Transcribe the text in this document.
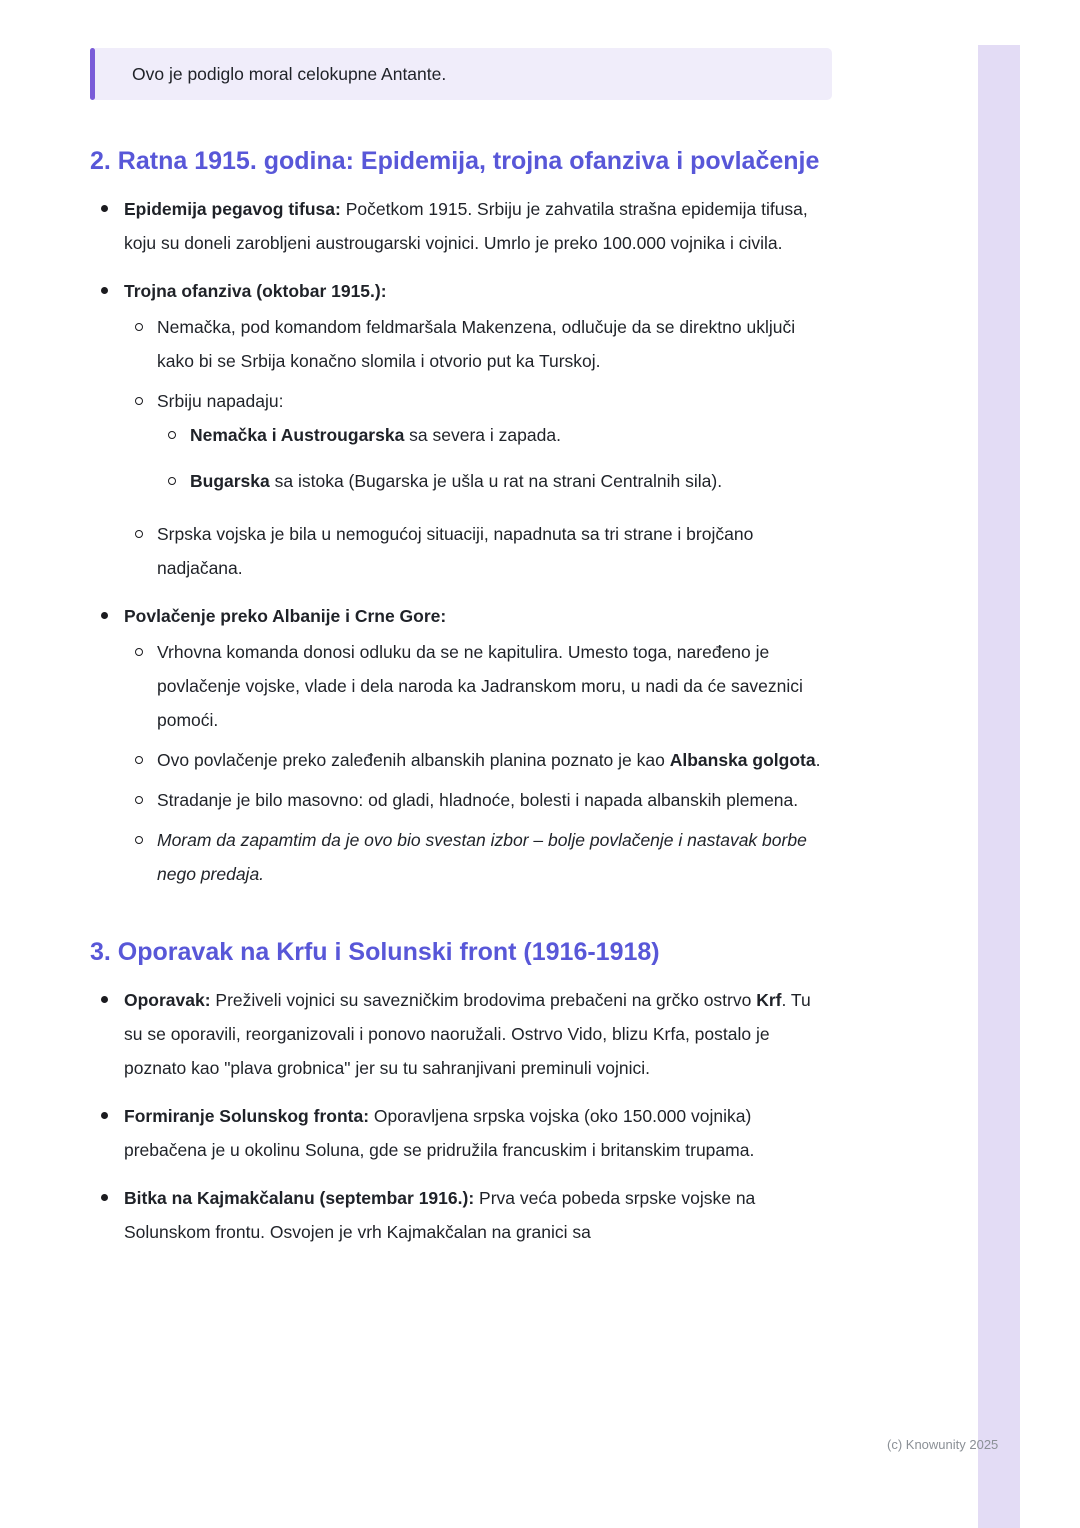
Ovo je podiglo moral celokupne Antante.

2. Ratna 1915. godina: Epidemija, trojna ofanziva i povlačenje

Epidemija pegavog tifusa: Početkom 1915. Srbiju je zahvatila strašna epidemija tifusa, koju su doneli zarobljeni austrougarski vojnici. Umrlo je preko 100.000 vojnika i civila.

Trojna ofanziva (oktobar 1915.):

Nemačka, pod komandom feldmaršala Makenzena, odlučuje da se direktno uključi kako bi se Srbija konačno slomila i otvorio put ka Turskoj.

Srbiju napadaju:

Nemačka i Austrougarska sa severa i zapada.

Bugarska sa istoka (Bugarska je ušla u rat na strani Centralnih sila).

Srpska vojska je bila u nemogućoj situaciji, napadnuta sa tri strane i brojčano nadjačana.

Povlačenje preko Albanije i Crne Gore:

Vrhovna komanda donosi odluku da se ne kapitulira. Umesto toga, naređeno je povlačenje vojske, vlade i dela naroda ka Jadranskom moru, u nadi da će saveznici pomoći.

Ovo povlačenje preko zaleđenih albanskih planina poznato je kao Albanska golgota.

Stradanje je bilo masovno: od gladi, hladnoće, bolesti i napada albanskih plemena.

Moram da zapamtim da je ovo bio svestan izbor – bolje povlačenje i nastavak borbe nego predaja.

3. Oporavak na Krfu i Solunski front (1916-1918)

Oporavak: Preživeli vojnici su savezničkim brodovima prebačeni na grčko ostrvo Krf. Tu su se oporavili, reorganizovali i ponovo naoružali. Ostrvo Vido, blizu Krfa, postalo je poznato kao "plava grobnica" jer su tu sahranjivani preminuli vojnici.

Formiranje Solunskog fronta: Oporavljena srpska vojska (oko 150.000 vojnika) prebačena je u okolinu Soluna, gde se pridružila francuskim i britanskim trupama.

Bitka na Kajmakčalanu (septembar 1916.): Prva veća pobeda srpske vojske na Solunskom frontu. Osvojen je vrh Kajmakčalan na granici sa

(c) Knowunity 2025
